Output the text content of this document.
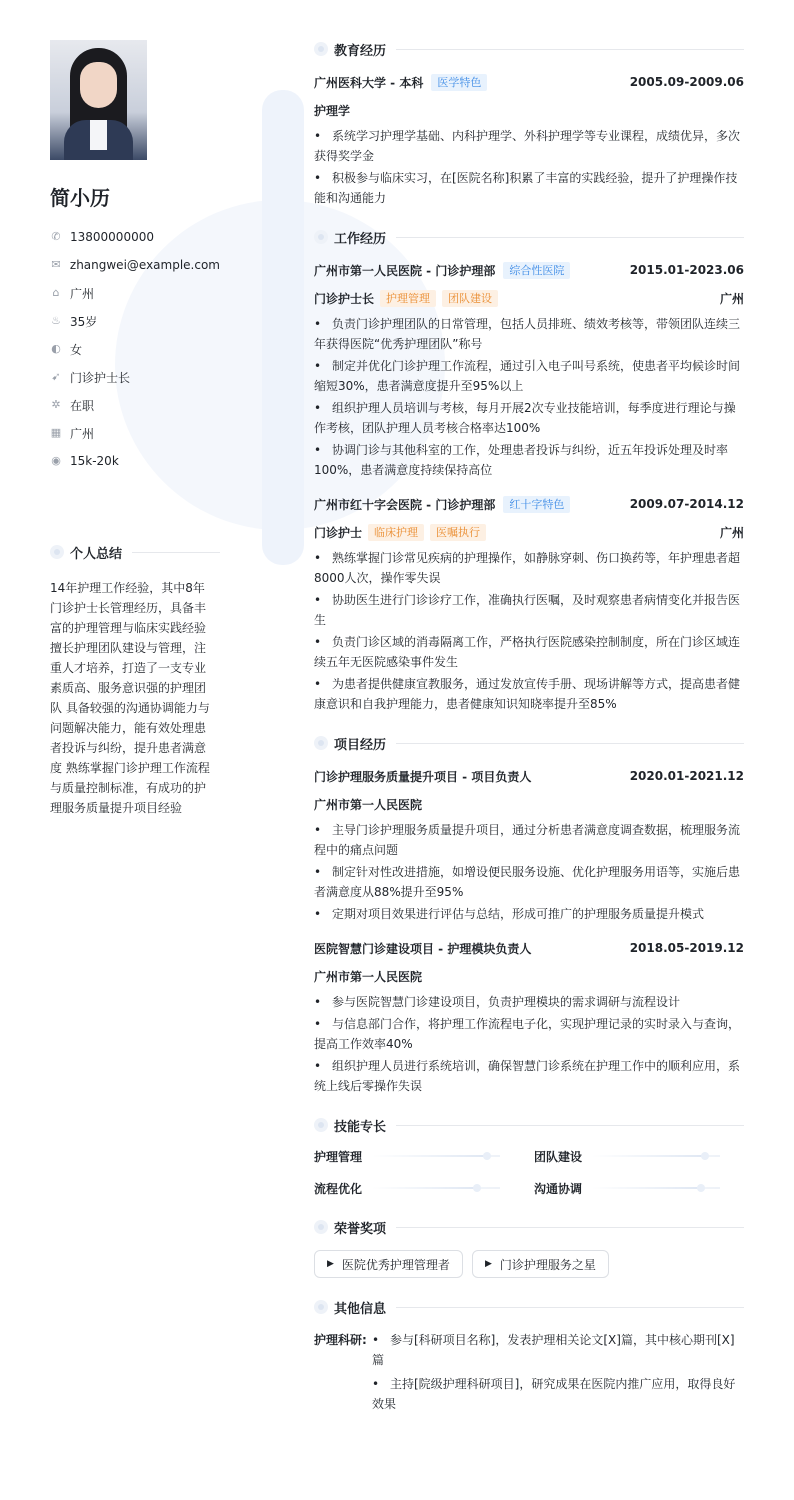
简小历
✆ 13800000000
✉ zhangwei@example.com
⌂ 广州
♨ 35岁
◐ 女
➹ 门诊护士长
✲ 在职
▦ 广州
◉ 15k-20k
个人总结
14年护理工作经验，其中8年门诊护士长管理经历，具备丰富的护理管理与临床实践经验 擅长护理团队建设与管理，注重人才培养，打造了一支专业素质高、服务意识强的护理团队 具备较强的沟通协调能力与问题解决能力，能有效处理患者投诉与纠纷，提升患者满意度 熟练掌握门诊护理工作流程与质量控制标准，有成功的护理服务质量提升项目经验
教育经历
广州医科大学 - 本科	医学特色	2005.09-2009.06
护理学
• 系统学习护理学基础、内科护理学、外科护理学等专业课程，成绩优异，多次获得奖学金
• 积极参与临床实习，在[医院名称]积累了丰富的实践经验，提升了护理操作技能和沟通能力
工作经历
广州市第一人民医院 - 门诊护理部	综合性医院	2015.01-2023.06
门诊护士长	护理管理	团队建设	广州
• 负责门诊护理团队的日常管理，包括人员排班、绩效考核等，带领团队连续三年获得医院“优秀护理团队”称号
• 制定并优化门诊护理工作流程，通过引入电子叫号系统，使患者平均候诊时间缩短30%，患者满意度提升至95%以上
• 组织护理人员培训与考核，每月开展2次专业技能培训，每季度进行理论与操作考核，团队护理人员考核合格率达100%
• 协调门诊与其他科室的工作，处理患者投诉与纠纷，近五年投诉处理及时率100%，患者满意度持续保持高位
广州市红十字会医院 - 门诊护理部	红十字特色	2009.07-2014.12
门诊护士	临床护理	医嘱执行	广州
• 熟练掌握门诊常见疾病的护理操作，如静脉穿刺、伤口换药等，年护理患者超8000人次，操作零失误
• 协助医生进行门诊诊疗工作，准确执行医嘱，及时观察患者病情变化并报告医生
• 负责门诊区域的消毒隔离工作，严格执行医院感染控制制度，所在门诊区域连续五年无医院感染事件发生
• 为患者提供健康宣教服务，通过发放宣传手册、现场讲解等方式，提高患者健康意识和自我护理能力，患者健康知识知晓率提升至85%
项目经历
门诊护理服务质量提升项目 - 项目负责人	2020.01-2021.12
广州市第一人民医院
• 主导门诊护理服务质量提升项目，通过分析患者满意度调查数据，梳理服务流程中的痛点问题
• 制定针对性改进措施，如增设便民服务设施、优化护理服务用语等，实施后患者满意度从88%提升至95%
• 定期对项目效果进行评估与总结，形成可推广的护理服务质量提升模式
医院智慧门诊建设项目 - 护理模块负责人	2018.05-2019.12
广州市第一人民医院
• 参与医院智慧门诊建设项目，负责护理模块的需求调研与流程设计
• 与信息部门合作，将护理工作流程电子化，实现护理记录的实时录入与查询，提高工作效率40%
• 组织护理人员进行系统培训，确保智慧门诊系统在护理工作中的顺利应用，系统上线后零操作失误
技能专长
护理管理	团队建设
流程优化	沟通协调
荣誉奖项
▶ 医院优秀护理管理者	▶ 门诊护理服务之星
其他信息
护理科研: • 参与[科研项目名称]，发表护理相关论文[X]篇，其中核心期刊[X]篇
• 主持[院级护理科研项目]，研究成果在医院内推广应用，取得良好效果
